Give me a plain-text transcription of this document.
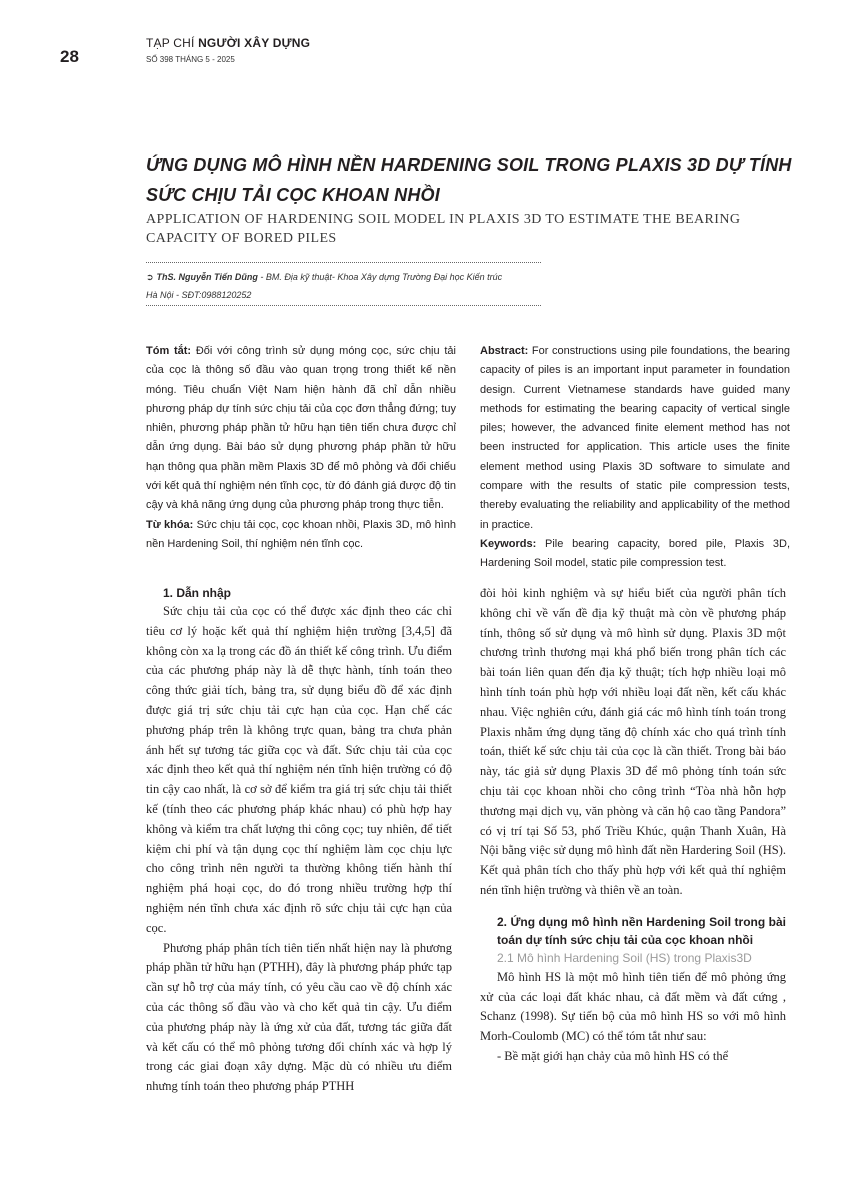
28
TẠP CHÍ NGƯỜI XÂY DỰNG
SỐ 398 THÁNG 5 - 2025
ỨNG DỤNG MÔ HÌNH NỀN HARDENING SOIL TRONG PLAXIS 3D DỰ TÍNH SỨC CHỊU TẢI CỌC KHOAN NHỒI
APPLICATION OF HARDENING SOIL MODEL IN PLAXIS 3D TO ESTIMATE THE BEARING CAPACITY OF BORED PILES
➲ ThS. Nguyễn Tiến Dũng - BM. Địa kỹ thuật- Khoa Xây dựng Trường Đại học Kiến trúc Hà Nội - SĐT:0988120252
Tóm tắt: Đối với công trình sử dụng móng cọc, sức chịu tải của cọc là thông số đầu vào quan trọng trong thiết kế nền móng. Tiêu chuẩn Việt Nam hiện hành đã chỉ dẫn nhiều phương pháp dự tính sức chịu tải của cọc đơn thẳng đứng; tuy nhiên, phương pháp phần tử hữu hạn tiên tiến chưa được chỉ dẫn ứng dụng. Bài báo sử dụng phương pháp phần tử hữu hạn thông qua phần mềm Plaxis 3D để mô phỏng và đối chiếu với kết quả thí nghiệm nén tĩnh cọc, từ đó đánh giá được độ tin cậy và khả năng ứng dụng của phương pháp trong thực tiễn.
Từ khóa: Sức chịu tải cọc, cọc khoan nhồi, Plaxis 3D, mô hình nền Hardening Soil, thí nghiệm nén tĩnh cọc.
Abstract: For constructions using pile foundations, the bearing capacity of piles is an important input parameter in foundation design. Current Vietnamese standards have guided many methods for estimating the bearing capacity of vertical single piles; however, the advanced finite element method has not been instructed for application. This article uses the finite element method using Plaxis 3D software to simulate and compare with the results of static pile compression tests, thereby evaluating the reliability and applicability of the method in practice.
Keywords: Pile bearing capacity, bored pile, Plaxis 3D, Hardening Soil model, static pile compression test.
1. Dẫn nhập

Sức chịu tải của cọc có thể được xác định theo các chỉ tiêu cơ lý hoặc kết quả thí nghiệm hiện trường [3,4,5] đã không còn xa lạ trong các đồ án thiết kế công trình. Ưu điểm của các phương pháp này là dễ thực hành, tính toán theo công thức giải tích, bảng tra, sử dụng biểu đồ để xác định được giá trị sức chịu tải cực hạn của cọc. Hạn chế các phương pháp trên là không trực quan, bảng tra chưa phản ánh hết sự tương tác giữa cọc và đất. Sức chịu tải của cọc xác định theo kết quả thí nghiệm nén tĩnh hiện trường có độ tin cậy cao nhất, là cơ sở để kiểm tra giá trị sức chịu tải thiết kế (tính theo các phương pháp khác nhau) có phù hợp hay không và kiểm tra chất lượng thi công cọc; tuy nhiên, để tiết kiệm chi phí và tận dụng cọc thí nghiệm làm cọc chịu lực cho công trình nên người ta thường không tiến hành thí nghiệm phá hoại cọc, do đó trong nhiều trường hợp thí nghiệm nén tĩnh chưa xác định rõ sức chịu tải cực hạn của cọc.

Phương pháp phân tích tiên tiến nhất hiện nay là phương pháp phần tử hữu hạn (PTHH), đây là phương pháp phức tạp cần sự hỗ trợ của máy tính, có yêu cầu cao về độ chính xác của các thông số đầu vào và cho kết quả tin cậy. Ưu điểm của phương pháp này là ứng xử của đất, tương tác giữa đất và kết cấu có thể mô phỏng tương đối chính xác và hợp lý trong các giai đoạn xây dựng. Mặc dù có nhiều ưu điểm nhưng tính toán theo phương pháp PTHH

đòi hỏi kinh nghiệm và sự hiểu biết của người phân tích không chỉ về vấn đề địa kỹ thuật mà còn về phương pháp tính, thông số sử dụng và mô hình sử dụng. Plaxis 3D một chương trình thương mại khá phổ biến trong phân tích các bài toán liên quan đến địa kỹ thuật; tích hợp nhiều loại mô hình tính toán phù hợp với nhiều loại đất nền, kết cấu khác nhau. Việc nghiên cứu, đánh giá các mô hình tính toán trong Plaxis nhằm ứng dụng tăng độ chính xác cho quá trình tính toán, thiết kế sức chịu tải của cọc là cần thiết. Trong bài báo này, tác giả sử dụng Plaxis 3D để mô phỏng tính toán sức chịu tải cọc khoan nhồi cho công trình “Tòa nhà hỗn hợp thương mại dịch vụ, văn phòng và căn hộ cao tầng Pandora” có vị trí tại Số 53, phố Triều Khúc, quận Thanh Xuân, Hà Nội bằng việc sử dụng mô hình đất nền Hardering Soil (HS). Kết quả phân tích cho thấy phù hợp với kết quả thí nghiệm nén tĩnh hiện trường và thiên về an toàn.

2. Ứng dụng mô hình nền Hardening Soil trong bài toán dự tính sức chịu tải của cọc khoan nhồi
2.1 Mô hình Hardening Soil (HS) trong Plaxis3D

Mô hình HS là một mô hình tiên tiến để mô phỏng ứng xử của các loại đất khác nhau, cả đất mềm và đất cứng , Schanz (1998). Sự tiến bộ của mô hình HS so với mô hình Morh-Coulomb (MC) có thể tóm tắt như sau:

- Bề mặt giới hạn chảy của mô hình HS có thể
